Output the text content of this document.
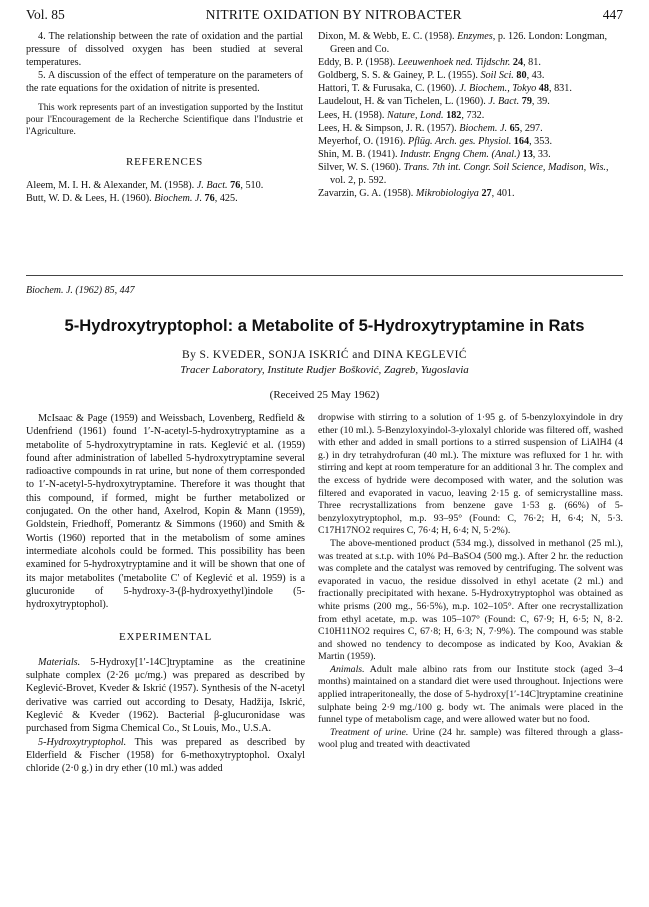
Vol. 85	NITRITE OXIDATION BY NITROBACTER	447

4. The relationship between the rate of oxidation and the partial pressure of dissolved oxygen has been studied at several temperatures.

5. A discussion of the effect of temperature on the parameters of the rate equations for the oxidation of nitrite is presented.

This work represents part of an investigation supported by the Institut pour l'Encouragement de la Recherche Scientifique dans l'Industrie et l'Agriculture.

REFERENCES

Aleem, M. I. H. & Alexander, M. (1958). J. Bact. 76, 510.

Butt, W. D. & Lees, H. (1960). Biochem. J. 76, 425.

Dixon, M. & Webb, E. C. (1958). Enzymes, p. 126. London: Longman, Green and Co.

Eddy, B. P. (1958). Leeuwenhoek ned. Tijdschr. 24, 81.

Goldberg, S. S. & Gainey, P. L. (1955). Soil Sci. 80, 43.

Hattori, T. & Furusaka, C. (1960). J. Biochem., Tokyo 48, 831.

Laudelout, H. & van Tichelen, L. (1960). J. Bact. 79, 39.

Lees, H. (1958). Nature, Lond. 182, 732.

Lees, H. & Simpson, J. R. (1957). Biochem. J. 65, 297.

Meyerhof, O. (1916). Pflüg. Arch. ges. Physiol. 164, 353.

Shin, M. B. (1941). Industr. Engng Chem. (Anal.) 13, 33.

Silver, W. S. (1960). Trans. 7th int. Congr. Soil Science, Madison, Wis., vol. 2, p. 592.

Zavarzin, G. A. (1958). Mikrobiologiya 27, 401.

Biochem. J. (1962) 85, 447
5-Hydroxytryptophol: a Metabolite of 5-Hydroxytryptamine in Rats
By S. KVEDER, SONJA ISKRIĆ and DINA KEGLEVIĆ
Tracer Laboratory, Institute Rudjer Bošković, Zagreb, Yugoslavia
(Received 25 May 1962)

McIsaac & Page (1959) and Weissbach, Lovenberg, Redfield & Udenfriend (1961) found 1′-N-acetyl-5-hydroxytryptamine as a metabolite of 5-hydroxytryptamine in rats. Keglević et al. (1959) found after administration of labelled 5-hydroxytryptamine several radioactive compounds in rat urine, but none of them corresponded to 1′-N-acetyl-5-hydroxytryptamine. Therefore it was thought that this compound, if formed, might be further metabolized or conjugated. On the other hand, Axelrod, Kopin & Mann (1959), Goldstein, Friedhoff, Pomerantz & Simmons (1960) and Smith & Wortis (1960) reported that in the metabolism of some amines intermediate alcohols could be formed. This possibility has been examined for 5-hydroxytryptamine and it will be shown that one of its major metabolites ('metabolite C' of Keglević et al. 1959) is a glucuronide of 5-hydroxy-3-(β-hydroxyethyl)indole (5-hydroxytryptophol).

EXPERIMENTAL

Materials. 5-Hydroxy[1′-14C]tryptamine as the creatinine sulphate complex (2·26 μc/mg.) was prepared as described by Keglević-Brovet, Kveder & Iskrić (1957). Synthesis of the N-acetyl derivative was carried out according to Desaty, Hadžija, Iskrić, Keglević & Kveder (1962). Bacterial β-glucuronidase was purchased from Sigma Chemical Co., St Louis, Mo., U.S.A.

5-Hydroxytryptophol. This was prepared as described by Elderfield & Fischer (1958) for 6-methoxytryptophol. Oxalyl chloride (2·0 g.) in dry ether (10 ml.) was added

dropwise with stirring to a solution of 1·95 g. of 5-benzyloxyindole in dry ether (10 ml.). 5-Benzyloxyindol-3-yloxalyl chloride was filtered off, washed with ether and added in small portions to a stirred suspension of LiAlH4 (4 g.) in dry tetrahydrofuran (40 ml.). The mixture was refluxed for 1 hr. with stirring and kept at room temperature for an additional 3 hr. The complex and the excess of hydride were decomposed with water, and the solution was filtered and evaporated in vacuo, leaving 2·15 g. of semicrystalline mass. Three recrystallizations from benzene gave 1·53 g. (66%) of 5-benzyloxytryptophol, m.p. 93–95° (Found: C, 76·2; H, 6·4; N, 5·3. C17H17NO2 requires C, 76·4; H, 6·4; N, 5·2%).

The above-mentioned product (534 mg.), dissolved in methanol (25 ml.), was treated at s.t.p. with 10% Pd–BaSO4 (500 mg.). After 2 hr. the reduction was complete and the catalyst was removed by centrifuging. The solvent was evaporated in vacuo, the residue dissolved in ethyl acetate (2 ml.) and fractionally precipitated with hexane. 5-Hydroxytryptophol was obtained as white prisms (200 mg., 56·5%), m.p. 102–105°. After one recrystallization from ethyl acetate, m.p. was 105–107° (Found: C, 67·9; H, 6·5; N, 8·2. C10H11NO2 requires C, 67·8; H, 6·3; N, 7·9%). The compound was stable and showed no tendency to decompose as indicated by Koo, Avakian & Martin (1959).

Animals. Adult male albino rats from our Institute stock (aged 3–4 months) maintained on a standard diet were used throughout. Injections were applied intraperitoneally, the dose of 5-hydroxy[1′-14C]tryptamine creatinine sulphate being 2·9 mg./100 g. body wt. The animals were placed in the funnel type of metabolism cage, and were allowed water but no food.

Treatment of urine. Urine (24 hr. sample) was filtered through a glass-wool plug and treated with deactivated
